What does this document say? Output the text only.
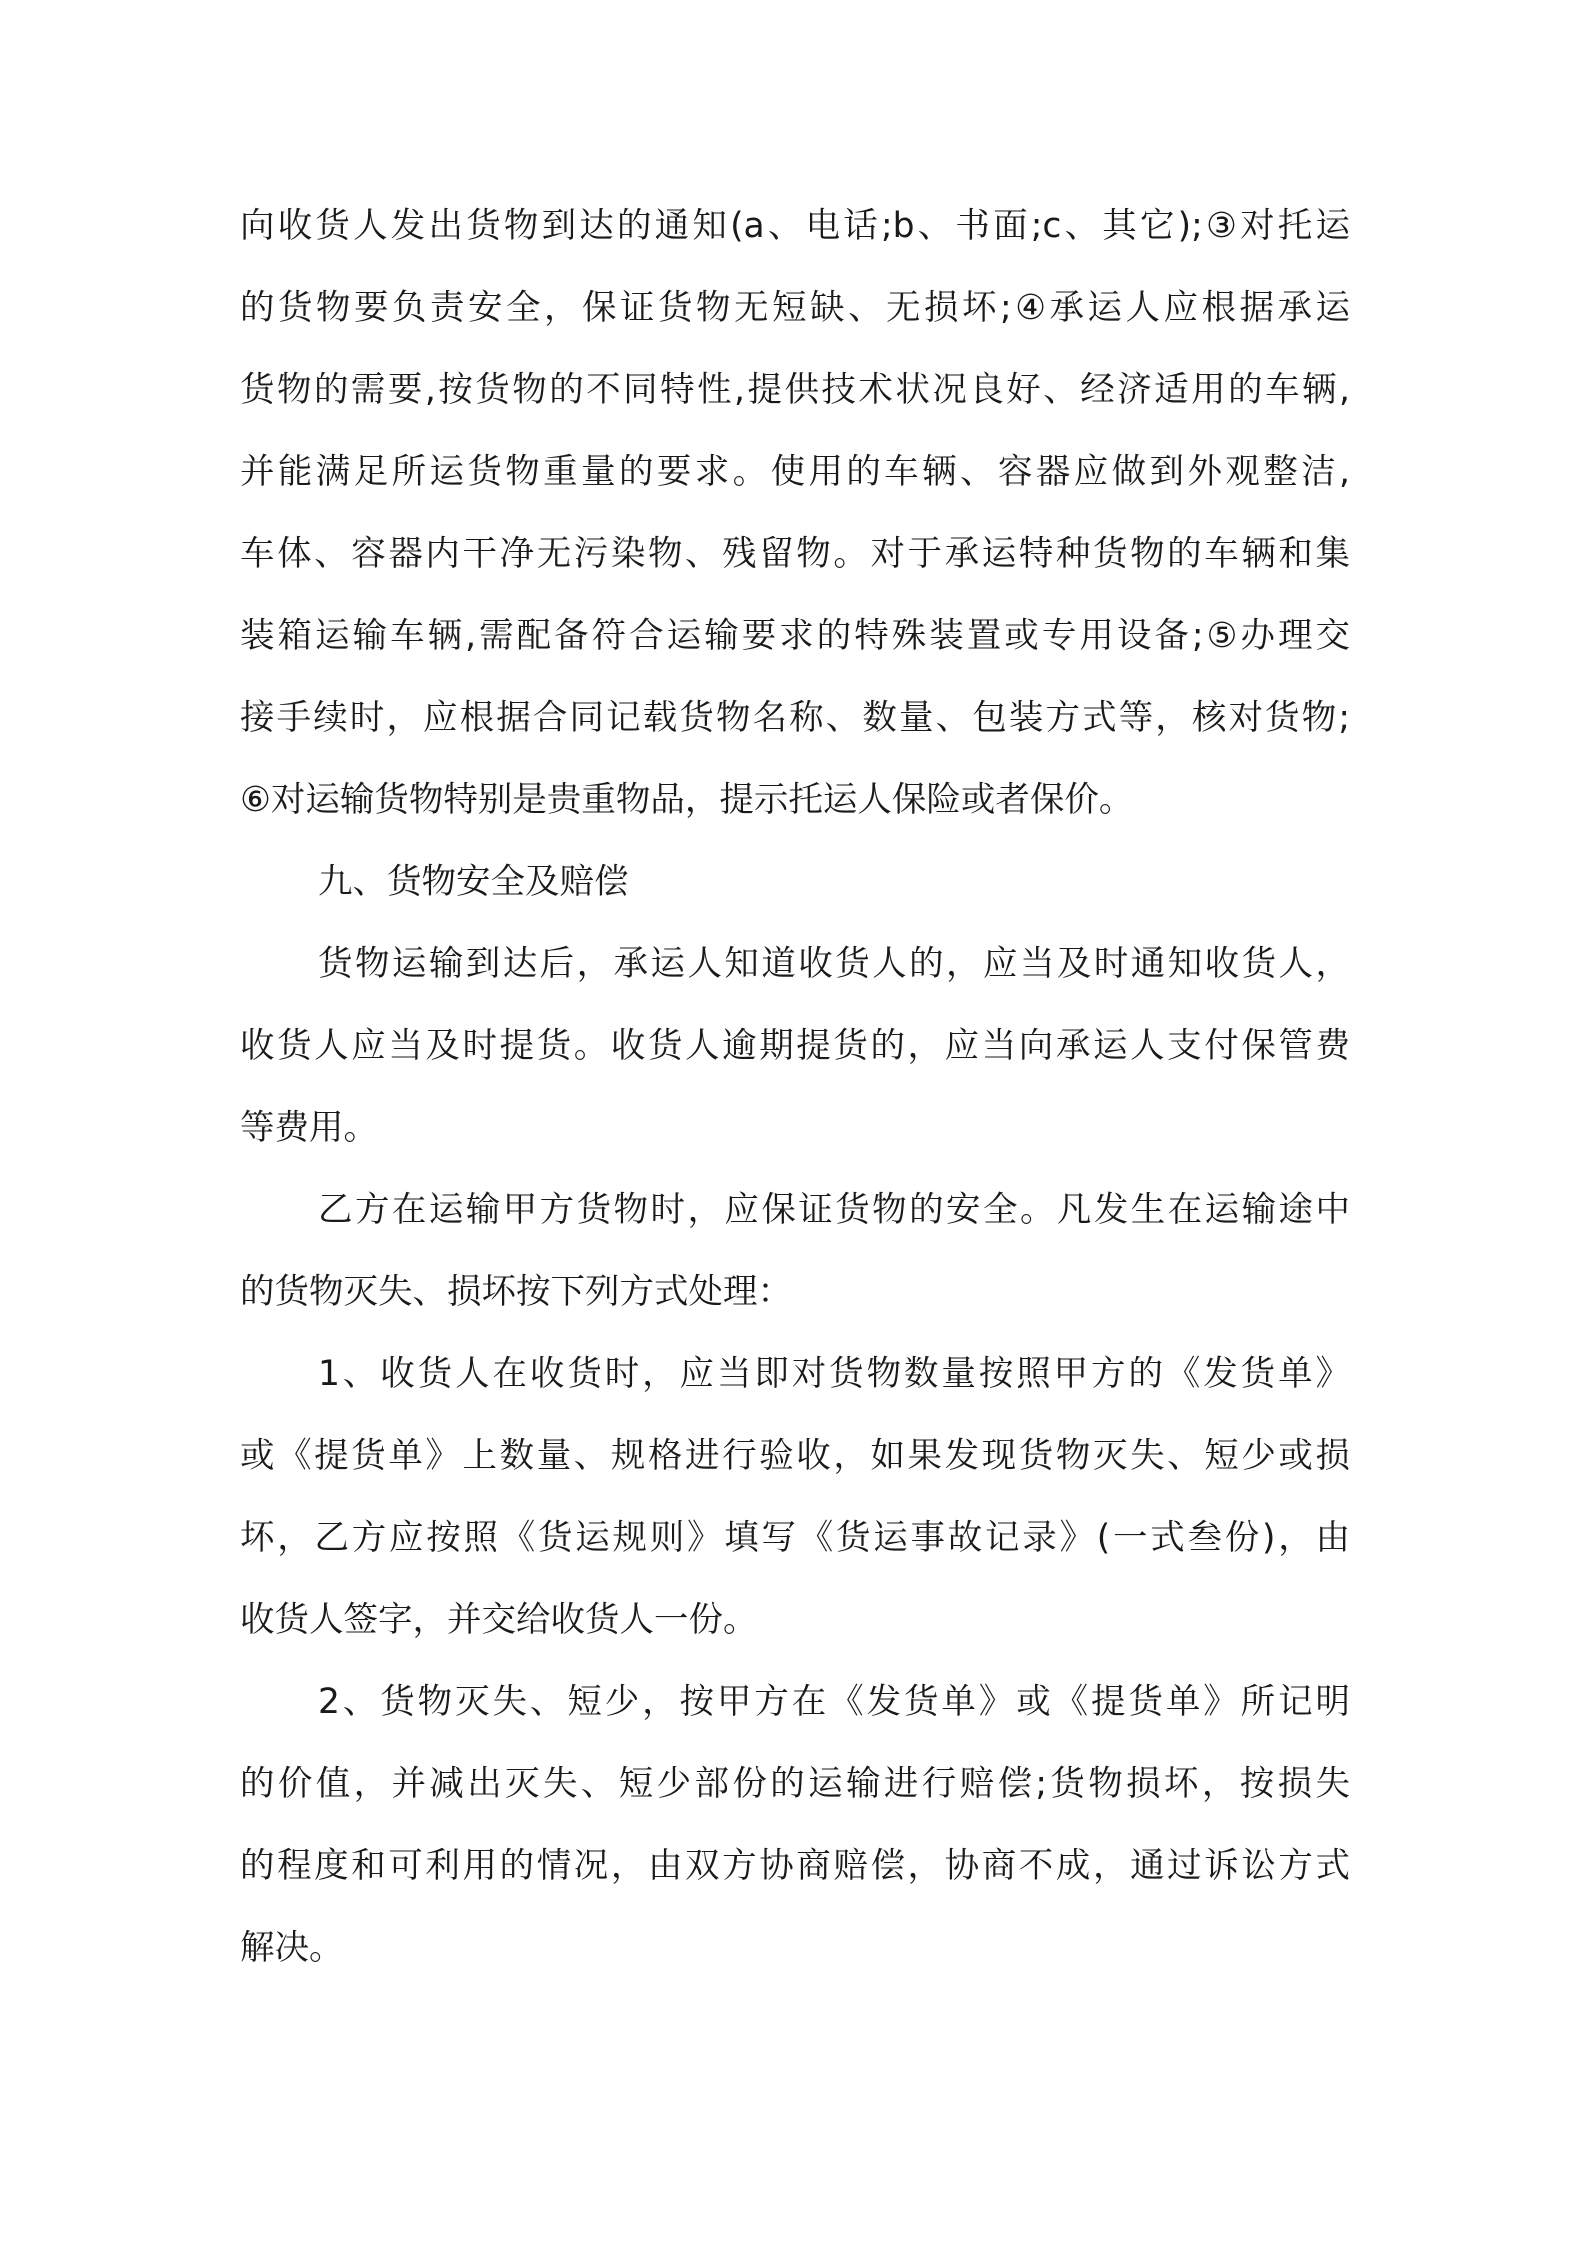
向收货人发出货物到达的通知(a、电话;b、书面;c、其它);③对托运
的货物要负责安全，保证货物无短缺、无损坏;④承运人应根据承运
货物的需要,按货物的不同特性,提供技术状况良好、经济适用的车辆,
并能满足所运货物重量的要求。使用的车辆、容器应做到外观整洁,
车体、容器内干净无污染物、残留物。对于承运特种货物的车辆和集
装箱运输车辆,需配备符合运输要求的特殊装置或专用设备;⑤办理交
接手续时，应根据合同记载货物名称、数量、包装方式等，核对货物;
⑥对运输货物特别是贵重物品，提示托运人保险或者保价。
九、货物安全及赔偿
货物运输到达后，承运人知道收货人的，应当及时通知收货人，
收货人应当及时提货。收货人逾期提货的，应当向承运人支付保管费
等费用。
乙方在运输甲方货物时，应保证货物的安全。凡发生在运输途中
的货物灭失、损坏按下列方式处理：
1、收货人在收货时，应当即对货物数量按照甲方的《发货单》
或《提货单》上数量、规格进行验收，如果发现货物灭失、短少或损
坏，乙方应按照《货运规则》填写《货运事故记录》(一式叁份)，由
收货人签字，并交给收货人一份。
2、货物灭失、短少，按甲方在《发货单》或《提货单》所记明
的价值，并减出灭失、短少部份的运输进行赔偿;货物损坏，按损失
的程度和可利用的情况，由双方协商赔偿，协商不成，通过诉讼方式
解决。
